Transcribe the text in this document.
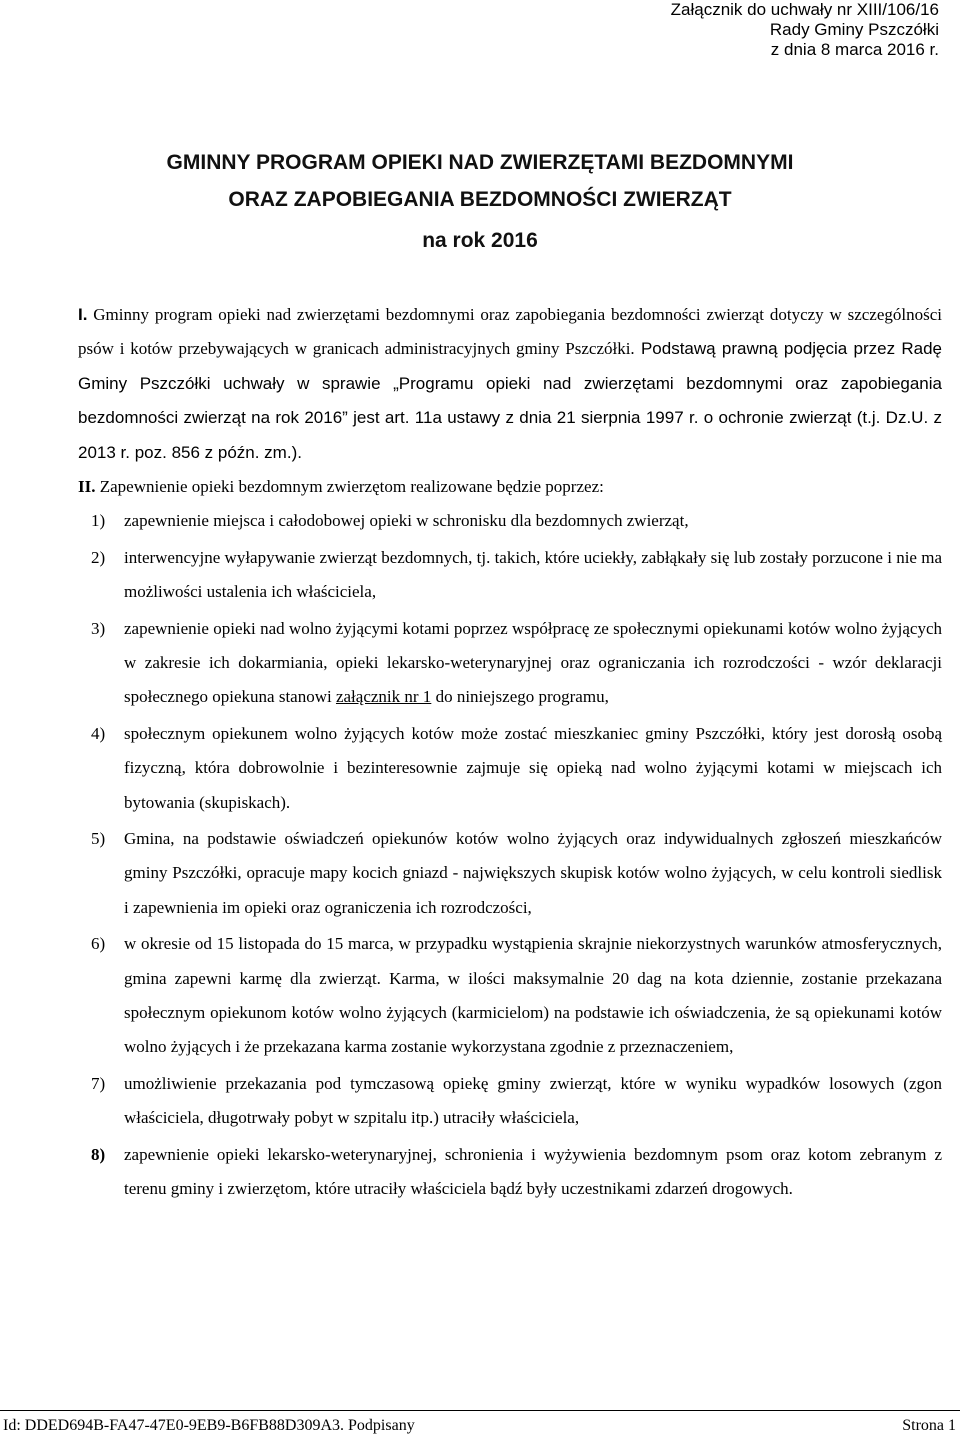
Załącznik do uchwały nr XIII/106/16
Rady Gminy Pszczółki
z dnia 8 marca 2016 r.
GMINNY PROGRAM OPIEKI NAD ZWIERZĘTAMI BEZDOMNYMI
ORAZ ZAPOBIEGANIA BEZDOMNOŚCI ZWIERZĄT
na rok 2016
I. Gminny program opieki nad zwierzętami bezdomnymi oraz zapobiegania bezdomności zwierząt dotyczy w szczególności psów i kotów przebywających w granicach administracyjnych gminy Pszczółki. Podstawą prawną podjęcia przez Radę Gminy Pszczółki uchwały w sprawie „Programu opieki nad zwierzętami bezdomnymi oraz zapobiegania bezdomności zwierząt na rok 2016” jest art. 11a ustawy z dnia 21 sierpnia 1997 r. o ochronie zwierząt (t.j. Dz.U. z 2013 r. poz. 856 z późn. zm.).
II. Zapewnienie opieki bezdomnym zwierzętom realizowane będzie poprzez:
1) zapewnienie miejsca i całodobowej opieki w schronisku dla bezdomnych zwierząt,
2) interwencyjne wyłapywanie zwierząt bezdomnych, tj. takich, które uciekły, zabłąkały się lub zostały porzucone i nie ma możliwości ustalenia ich właściciela,
3) zapewnienie opieki nad wolno żyjącymi kotami poprzez współpracę ze społecznymi opiekunami kotów wolno żyjących w zakresie ich dokarmiania, opieki lekarsko-weterynaryjnej oraz ograniczania ich rozrodczości - wzór deklaracji społecznego opiekuna stanowi załącznik nr 1 do niniejszego programu,
4) społecznym opiekunem wolno żyjących kotów może zostać mieszkaniec gminy Pszczółki, który jest dorosłą osobą fizyczną, która dobrowolnie i bezinteresownie zajmuje się opieką nad wolno żyjącymi kotami w miejscach ich bytowania (skupiskach).
5) Gmina, na podstawie oświadczeń opiekunów kotów wolno żyjących oraz indywidualnych zgłoszeń mieszkańców gminy Pszczółki, opracuje mapy kocich gniazd - największych skupisk kotów wolno żyjących, w celu kontroli siedlisk i zapewnienia im opieki oraz ograniczenia ich rozrodczości,
6) w okresie od 15 listopada do 15 marca, w przypadku wystąpienia skrajnie niekorzystnych warunków atmosferycznych, gmina zapewni karmę dla zwierząt. Karma, w ilości maksymalnie 20 dag na kota dziennie, zostanie przekazana społecznym opiekunom kotów wolno żyjących (karmicielom) na podstawie ich oświadczenia, że są opiekunami kotów wolno żyjących i że przekazana karma zostanie wykorzystana zgodnie z przeznaczeniem,
7) umożliwienie przekazania pod tymczasową opiekę gminy zwierząt, które w wyniku wypadków losowych (zgon właściciela, długotrwały pobyt w szpitalu itp.) utraciły właściciela,
8) zapewnienie opieki lekarsko-weterynaryjnej, schronienia i wyżywienia bezdomnym psom oraz kotom zebranym z terenu gminy i zwierzętom, które utraciły właściciela bądź były uczestnikami zdarzeń drogowych.
Id: DDED694B-FA47-47E0-9EB9-B6FB88D309A3. Podpisany	Strona 1
